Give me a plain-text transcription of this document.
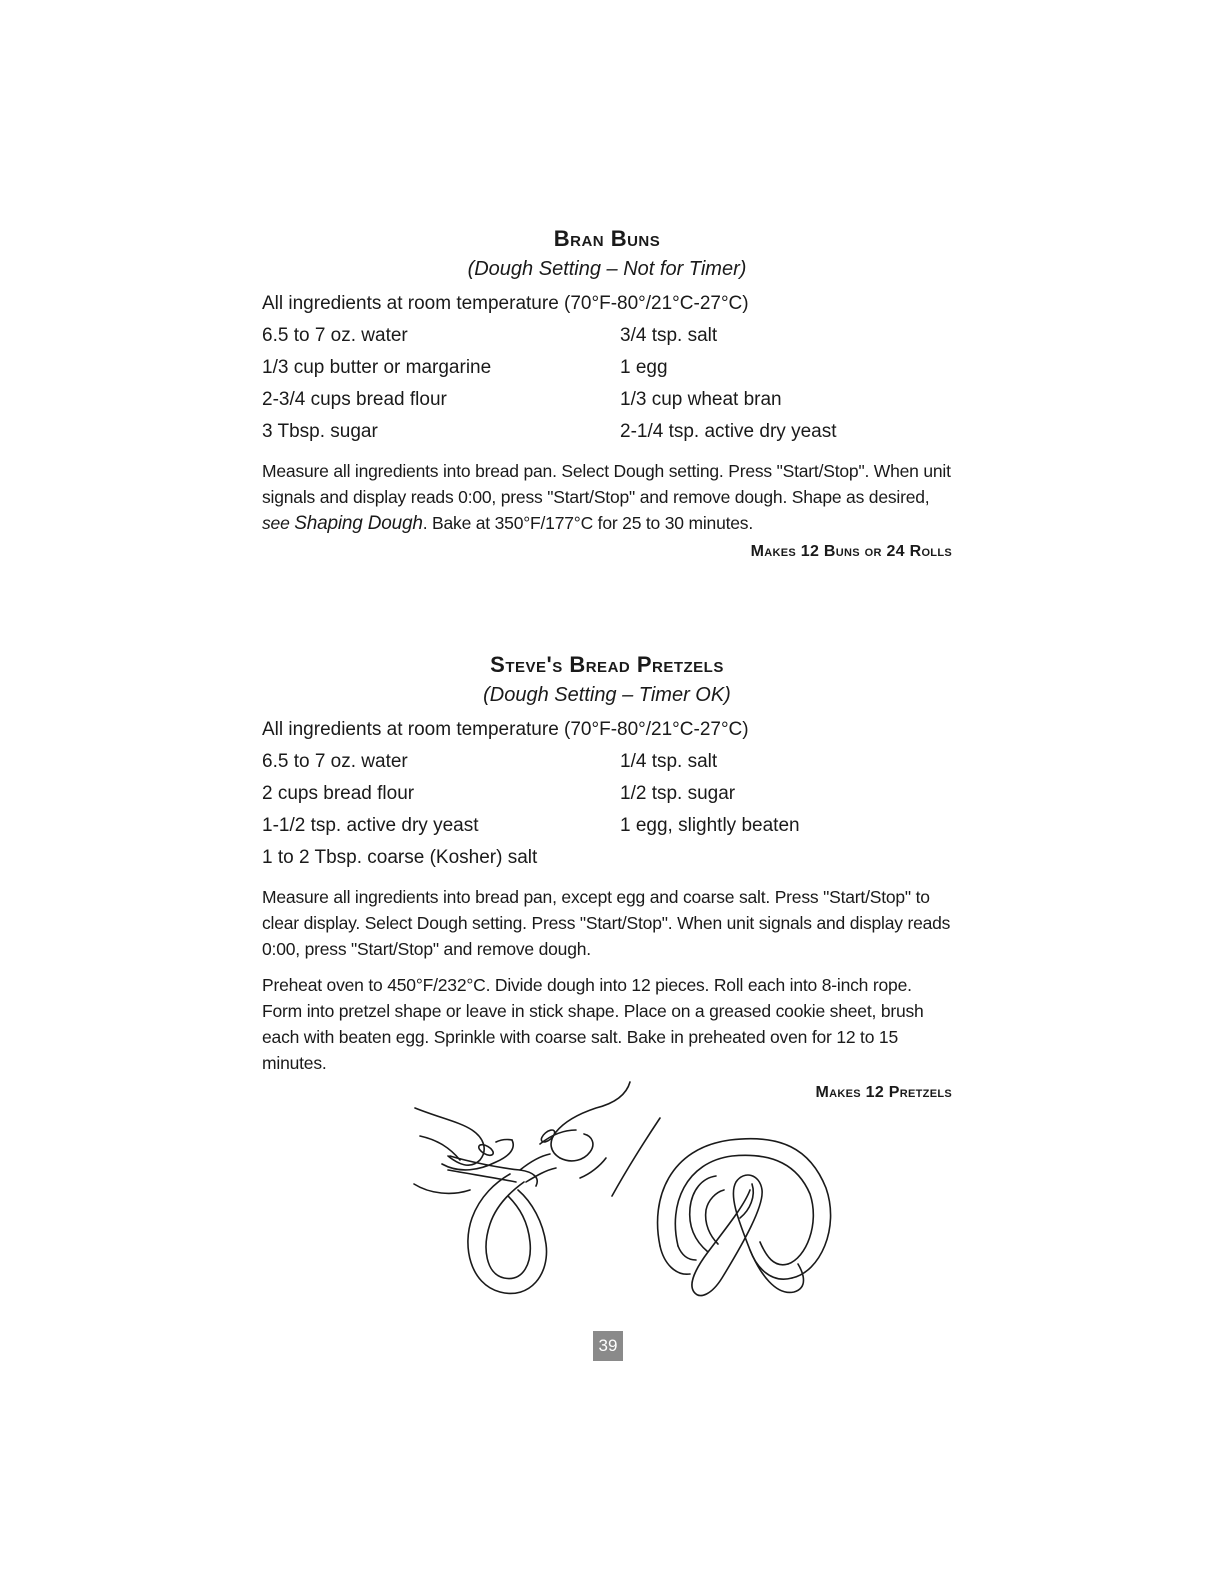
Bran Buns
(Dough Setting – Not for Timer)
All ingredients at room temperature (70°F-80°/21°C-27°C)
6.5 to 7 oz. water	3/4 tsp. salt
1/3 cup butter or margarine	1 egg
2-3/4 cups bread flour	1/3 cup wheat bran
3 Tbsp. sugar	2-1/4 tsp. active dry yeast
Measure all ingredients into bread pan. Select Dough setting. Press "Start/Stop". When unit signals and display reads 0:00, press "Start/Stop" and remove dough. Shape as desired, see Shaping Dough. Bake at 350°F/177°C for 25 to 30 minutes.
Makes 12 Buns or 24 Rolls
Steve's Bread Pretzels
(Dough Setting – Timer OK)
All ingredients at room temperature (70°F-80°/21°C-27°C)
6.5 to 7 oz. water	1/4 tsp. salt
2 cups bread flour	1/2 tsp. sugar
1-1/2 tsp. active dry yeast	1 egg, slightly beaten
1 to 2 Tbsp. coarse (Kosher) salt

Measure all ingredients into bread pan, except egg and coarse salt. Press "Start/Stop" to clear display. Select Dough setting. Press "Start/Stop". When unit signals and display reads 0:00, press "Start/Stop" and remove dough.

Preheat oven to 450°F/232°C. Divide dough into 12 pieces. Roll each into 8-inch rope. Form into pretzel shape or leave in stick shape. Place on a greased cookie sheet, brush each with beaten egg. Sprinkle with coarse salt. Bake in preheated oven for 12 to 15 minutes.

Makes 12 Pretzels
39
